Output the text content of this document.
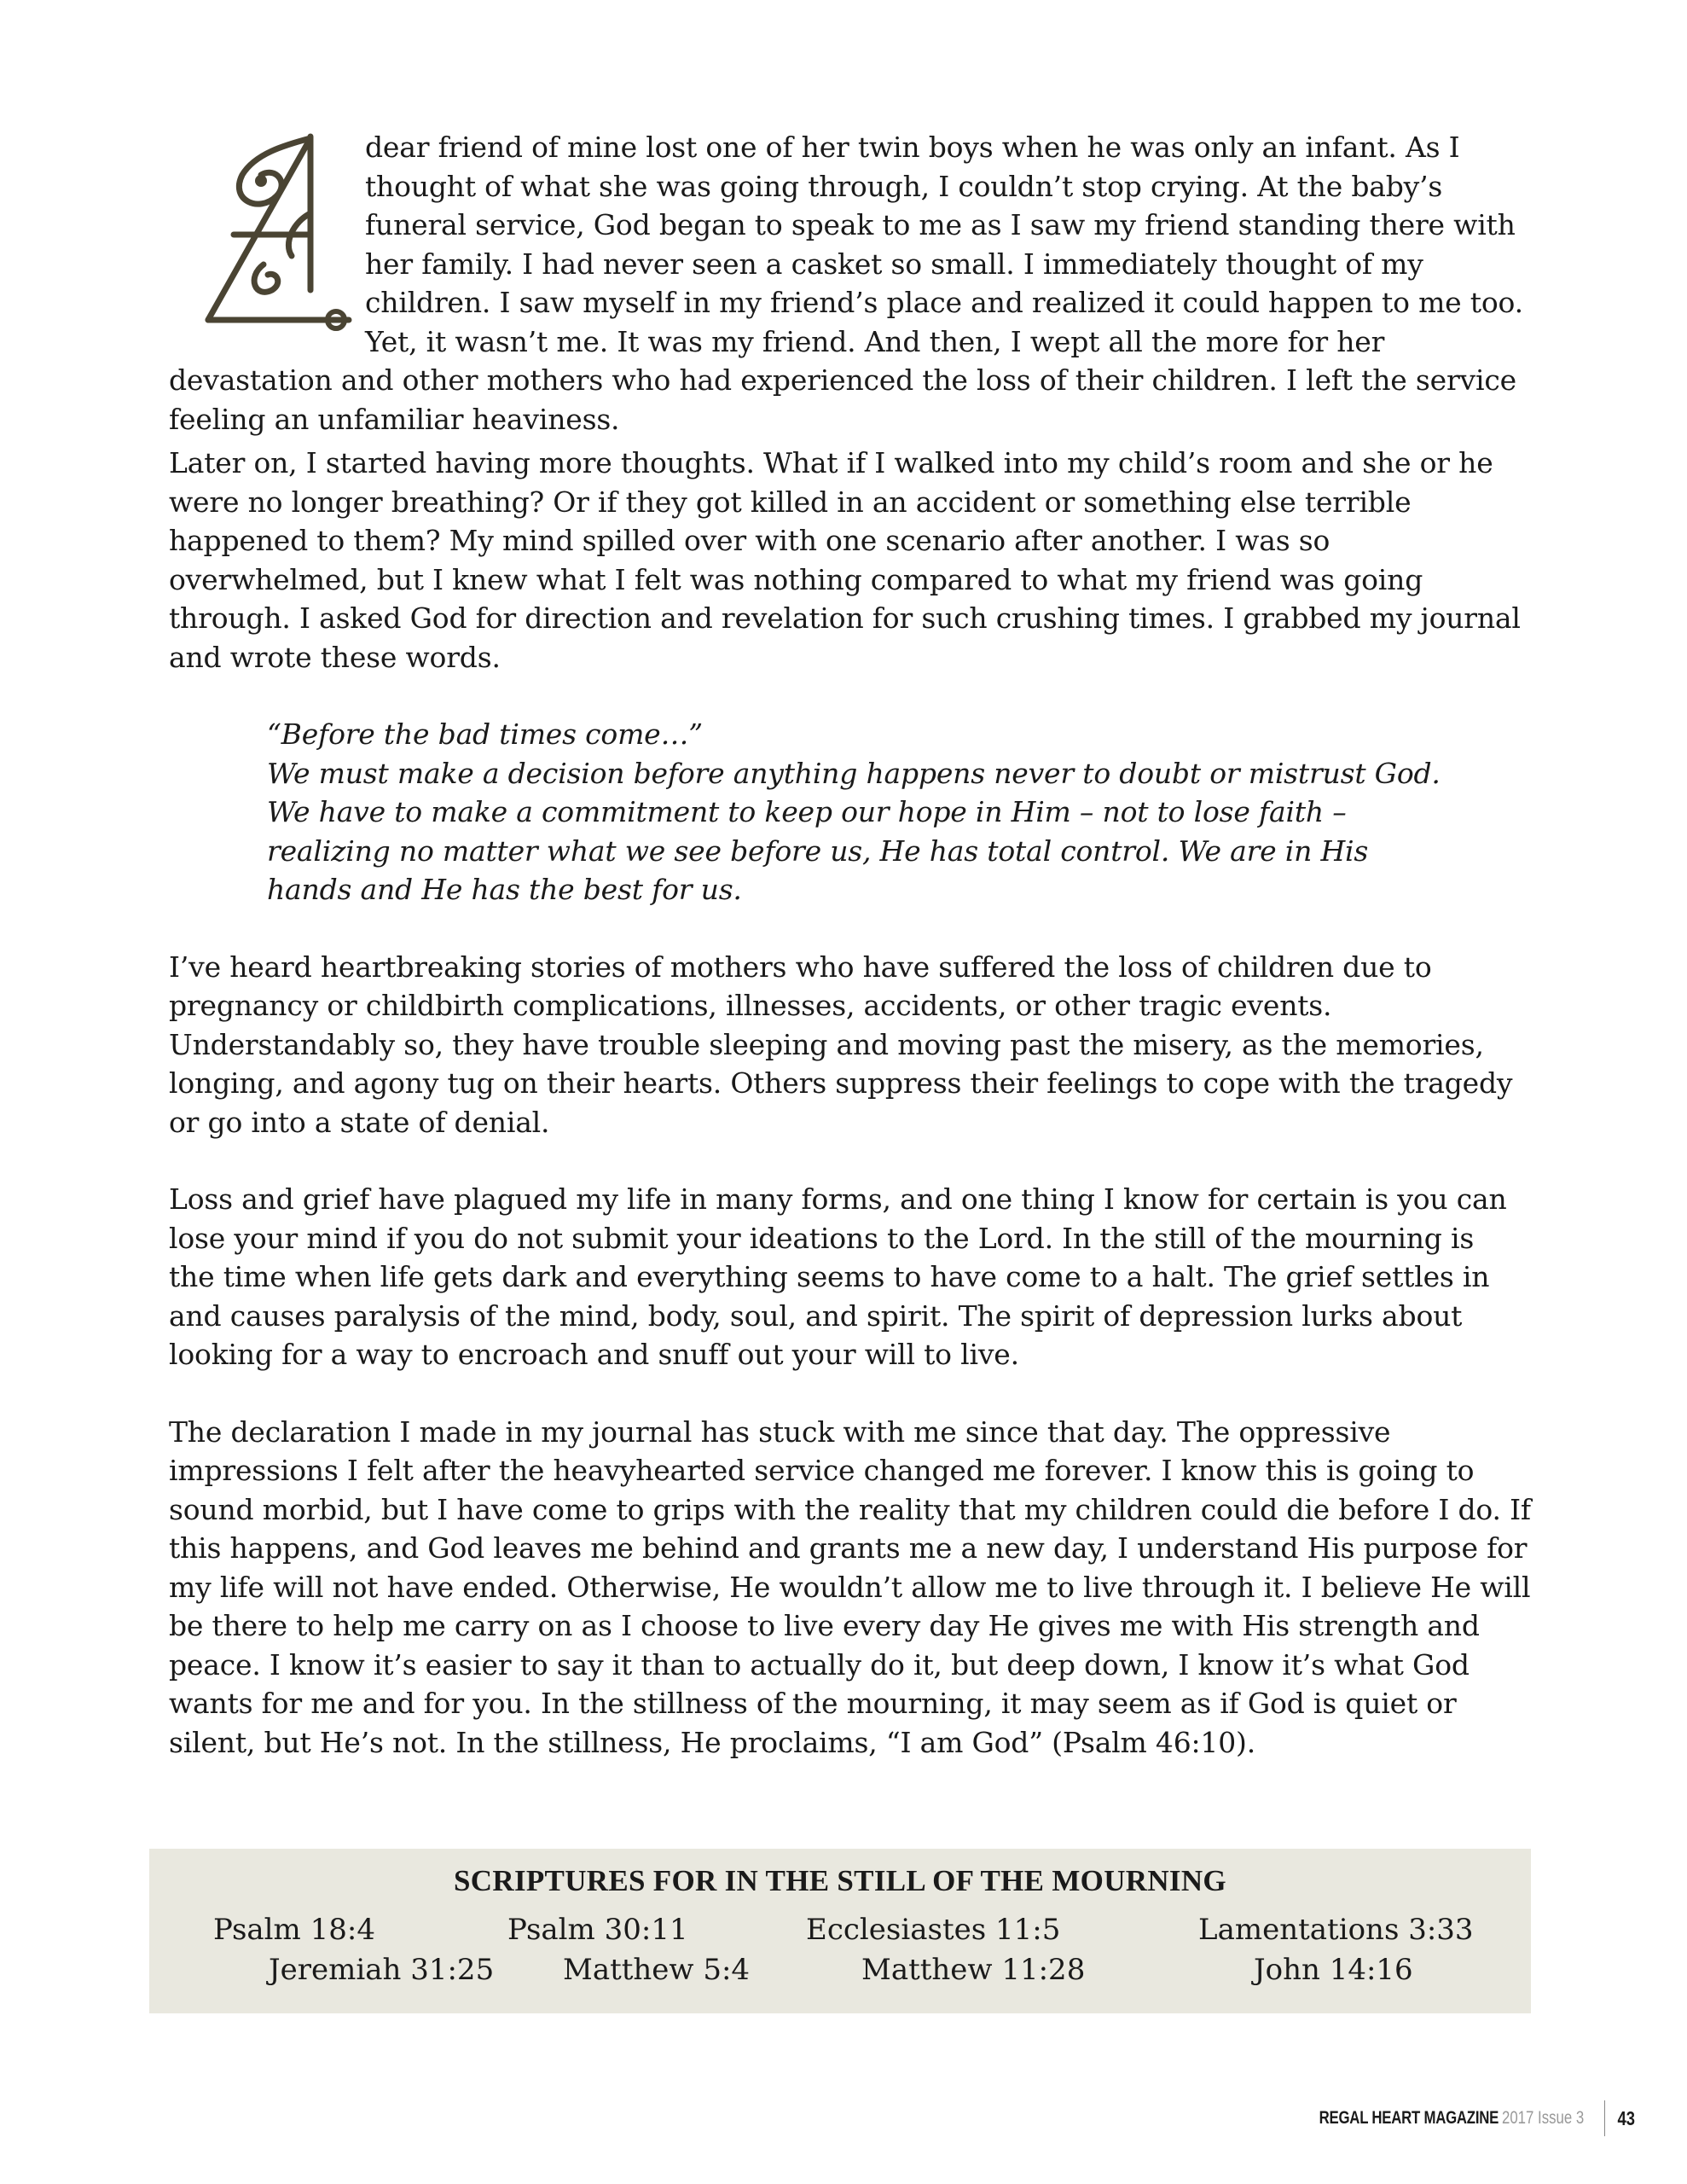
dear friend of mine lost one of her twin boys when he was only an infant. As I
thought of what she was going through, I couldn’t stop crying. At the baby’s
funeral service, God began to speak to me as I saw my friend standing there with
her family. I had never seen a casket so small. I immediately thought of my
children. I saw myself in my friend’s place and realized it could happen to me too.
Yet, it wasn’t me. It was my friend. And then, I wept all the more for her
devastation and other mothers who had experienced the loss of their children. I left the service
feeling an unfamiliar heaviness.
Later on, I started having more thoughts. What if I walked into my child’s room and she or he
were no longer breathing? Or if they got killed in an accident or something else terrible
happened to them? My mind spilled over with one scenario after another. I was so
overwhelmed, but I knew what I felt was nothing compared to what my friend was going
through. I asked God for direction and revelation for such crushing times. I grabbed my journal
and wrote these words.
“Before the bad times come…”
We must make a decision before anything happens never to doubt or mistrust God.
We have to make a commitment to keep our hope in Him – not to lose faith –
realizing no matter what we see before us, He has total control. We are in His
hands and He has the best for us.
I’ve heard heartbreaking stories of mothers who have suffered the loss of children due to
pregnancy or childbirth complications, illnesses, accidents, or other tragic events.
Understandably so, they have trouble sleeping and moving past the misery, as the memories,
longing, and agony tug on their hearts. Others suppress their feelings to cope with the tragedy
or go into a state of denial.
Loss and grief have plagued my life in many forms, and one thing I know for certain is you can
lose your mind if you do not submit your ideations to the Lord. In the still of the mourning is
the time when life gets dark and everything seems to have come to a halt. The grief settles in
and causes paralysis of the mind, body, soul, and spirit. The spirit of depression lurks about
looking for a way to encroach and snuff out your will to live.
The declaration I made in my journal has stuck with me since that day. The oppressive
impressions I felt after the heavyhearted service changed me forever. I know this is going to
sound morbid, but I have come to grips with the reality that my children could die before I do. If
this happens, and God leaves me behind and grants me a new day, I understand His purpose for
my life will not have ended. Otherwise, He wouldn’t allow me to live through it. I believe He will
be there to help me carry on as I choose to live every day He gives me with His strength and
peace. I know it’s easier to say it than to actually do it, but deep down, I know it’s what God
wants for me and for you. In the stillness of the mourning, it may seem as if God is quiet or
silent, but He’s not. In the stillness, He proclaims, “I am God” (Psalm 46:10).
SCRIPTURES FOR IN THE STILL OF THE MOURNING
Psalm 18:4	Psalm 30:11	Ecclesiastes 11:5	Lamentations 3:33
Jeremiah 31:25 Matthew 5:4	Matthew 11:28	John 14:16
REGAL HEART MAGAZINE 2017 Issue 3 43
